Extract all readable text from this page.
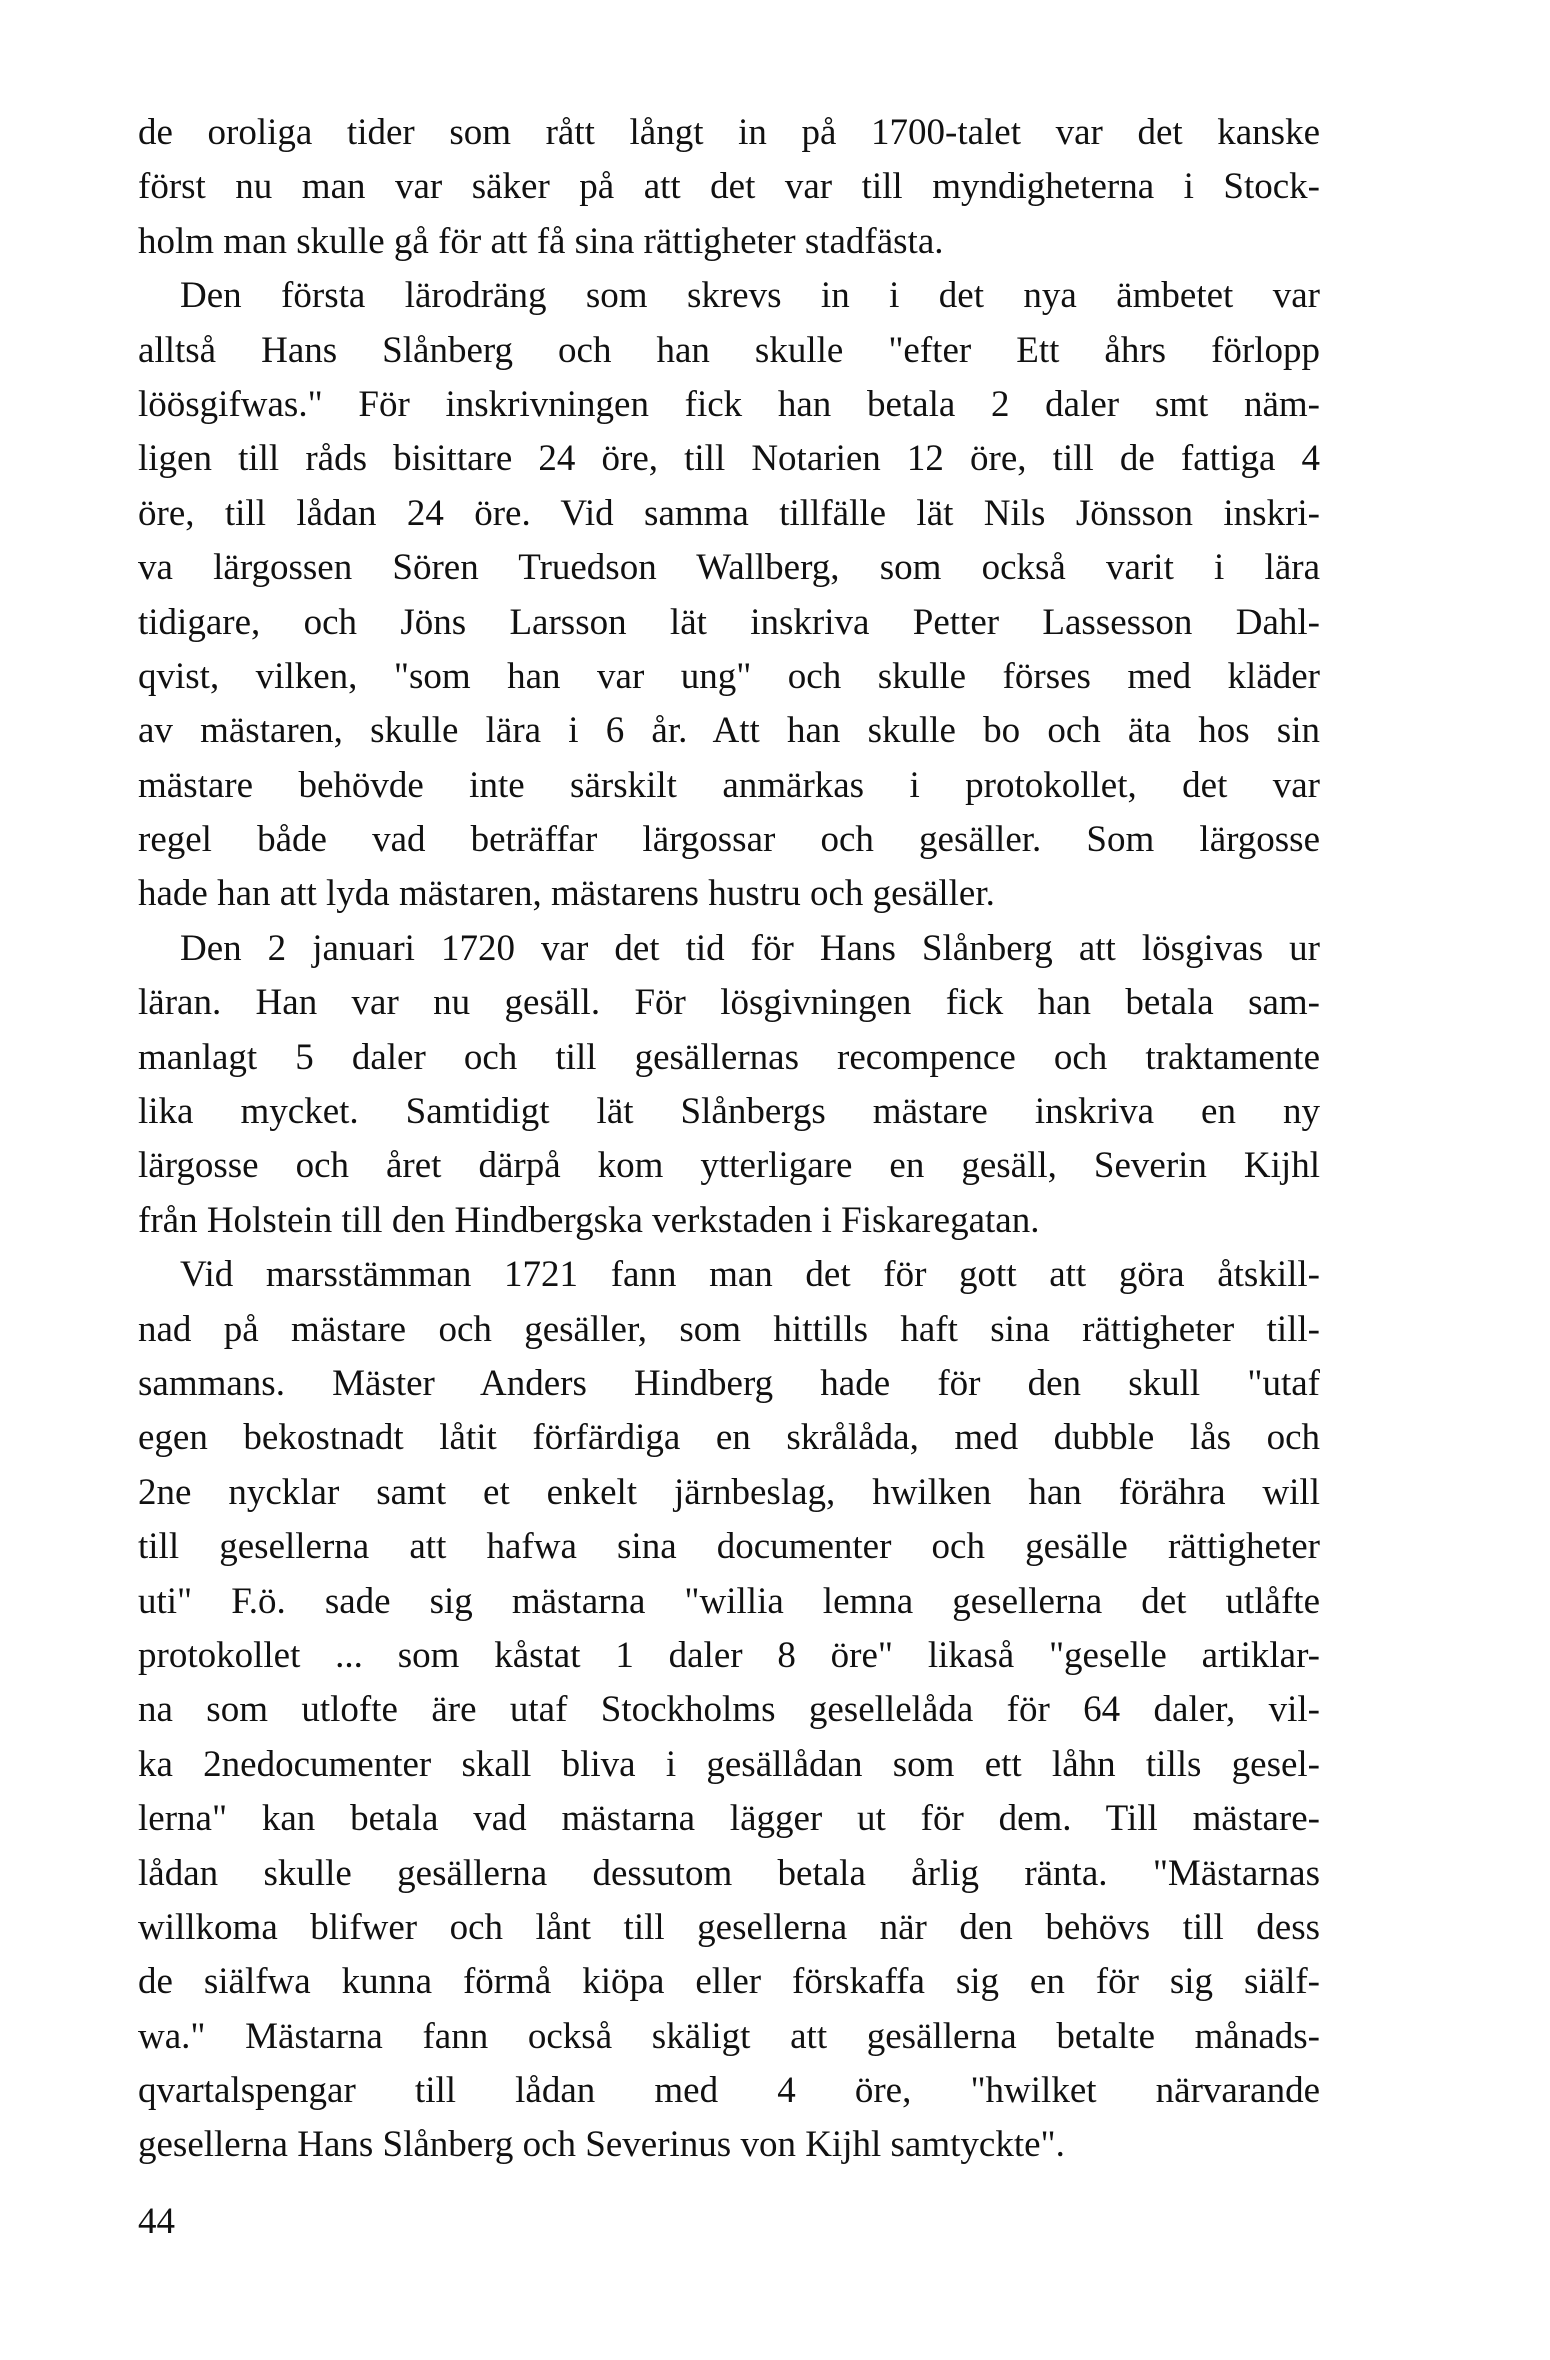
de oroliga tider som rått långt in på 1700-talet var det kanske
först nu man var säker på att det var till myndigheterna i Stock-
holm man skulle gå för att få sina rättigheter stadfästa.
Den första lärodräng som skrevs in i det nya ämbetet var
alltså Hans Slånberg och han skulle "efter Ett åhrs förlopp
löösgifwas." För inskrivningen fick han betala 2 daler smt näm-
ligen till råds bisittare 24 öre, till Notarien 12 öre, till de fattiga 4
öre, till lådan 24 öre. Vid samma tillfälle lät Nils Jönsson inskri-
va lärgossen Sören Truedson Wallberg, som också varit i lära
tidigare, och Jöns Larsson lät inskriva Petter Lassesson Dahl-
qvist, vilken, "som han var ung" och skulle förses med kläder
av mästaren, skulle lära i 6 år. Att han skulle bo och äta hos sin
mästare behövde inte särskilt anmärkas i protokollet, det var
regel både vad beträffar lärgossar och gesäller. Som lärgosse
hade han att lyda mästaren, mästarens hustru och gesäller.
Den 2 januari 1720 var det tid för Hans Slånberg att lösgivas ur
läran. Han var nu gesäll. För lösgivningen fick han betala sam-
manlagt 5 daler och till gesällernas recompence och traktamente
lika mycket. Samtidigt lät Slånbergs mästare inskriva en ny
lärgosse och året därpå kom ytterligare en gesäll, Severin Kijhl
från Holstein till den Hindbergska verkstaden i Fiskaregatan.
Vid marsstämman 1721 fann man det för gott att göra åtskill-
nad på mästare och gesäller, som hittills haft sina rättigheter till-
sammans. Mäster Anders Hindberg hade för den skull "utaf
egen bekostnadt låtit förfärdiga en skrålåda, med dubble lås och
2ne nycklar samt et enkelt järnbeslag, hwilken han förähra will
till gesellerna att hafwa sina documenter och gesälle rättigheter
uti" F.ö. sade sig mästarna "willia lemna gesellerna det utlåfte
protokollet ... som kåstat 1 daler 8 öre" likaså "geselle artiklar-
na som utlofte äre utaf Stockholms gesellelåda för 64 daler, vil-
ka 2nedocumenter skall bliva i gesällådan som ett låhn tills gesel-
lerna" kan betala vad mästarna lägger ut för dem. Till mästare-
lådan skulle gesällerna dessutom betala årlig ränta. "Mästarnas
willkoma blifwer och lånt till gesellerna när den behövs till dess
de siälfwa kunna förmå kiöpa eller förskaffa sig en för sig siälf-
wa." Mästarna fann också skäligt att gesällerna betalte månads-
qvartalspengar till lådan med 4 öre, "hwilket närvarande
gesellerna Hans Slånberg och Severinus von Kijhl samtyckte".
44
